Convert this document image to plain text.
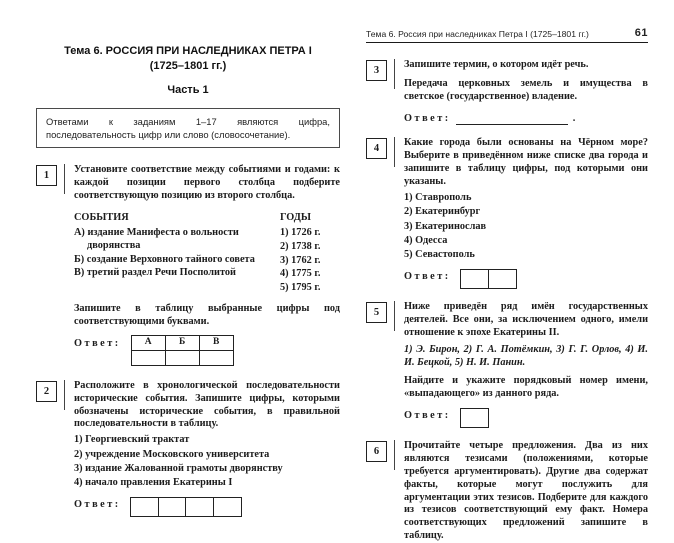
Тема 6. РОССИЯ ПРИ НАСЛЕДНИКАХ ПЕТРА I
(1725–1801 гг.)
Часть 1
Ответами к заданиям 1–17 являются цифра, последовательность цифр или слово (словосочетание).
1
Установите соответствие между событиями и годами: к каждой позиции первого столбца подберите соответствующую позицию из второго столбца.
СОБЫТИЯ
А) издание Манифеста о вольности дворянства
Б) создание Верховного тайного совета
В) третий раздел Речи Посполитой
ГОДЫ
1) 1726 г.
2) 1738 г.
3) 1762 г.
4) 1775 г.
5) 1795 г.
Запишите в таблицу выбранные цифры под соответствующими буквами.
Ответ:	А	Б	В

2
Расположите в хронологической последовательности исторические события. Запишите цифры, которыми обозначены исторические события, в правильной последовательности в таблицу.
1) Георгиевский трактат
2) учреждение Московского университета
3) издание Жалованной грамоты дворянству
4) начало правления Екатерины I
Ответ:
Тема 6. Россия при наследниках Петра I (1725–1801 гг.)	61
3
Запишите термин, о котором идёт речь.
Передача церковных земель и имущества в светское (государственное) владение.
Ответ:	.
4
Какие города были основаны на Чёрном море? Выберите в приведённом ниже списке два города и запишите в таблицу цифры, под которыми они указаны.
1) Ставрополь
2) Екатеринбург
3) Екатеринослав
4) Одесса
5) Севастополь
Ответ:
5
Ниже приведён ряд имён государственных деятелей. Все они, за исключением одного, имели отношение к эпохе Екатерины II.
1) Э. Бирон, 2) Г. А. Потёмкин, 3) Г. Г. Орлов, 4) И. И. Бецкой, 5) Н. И. Панин.
Найдите и укажите порядковый номер имени, «выпадающего» из данного ряда.
Ответ:
6
Прочитайте четыре предложения. Два из них являются тезисами (положениями, которые требуется аргументировать). Другие два содержат факты, которые могут послужить для аргументации этих тезисов. Подберите для каждого из тезисов соответствующий ему факт. Номера соответствующих предложений запишите в таблицу.
